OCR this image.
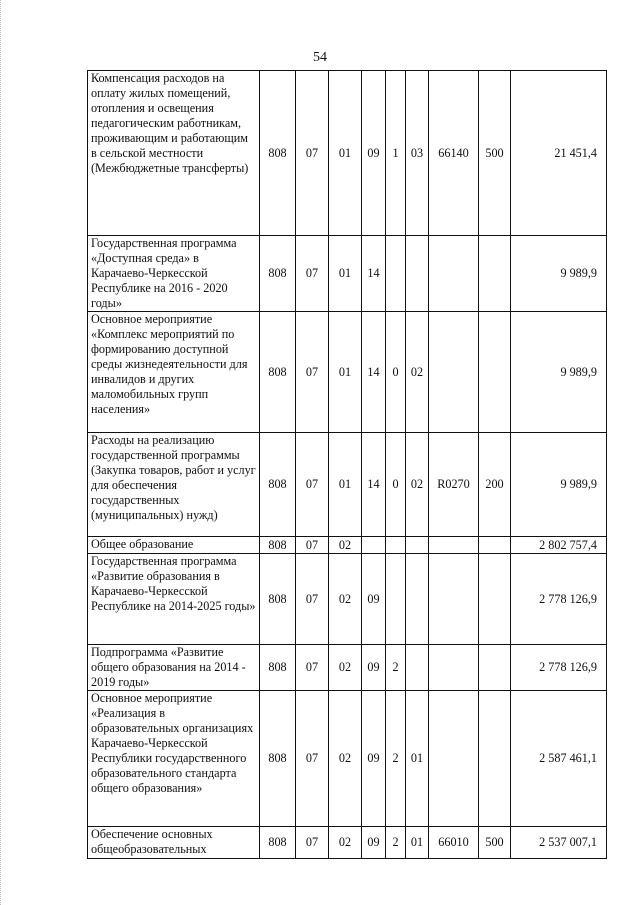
54
Компенсация расходов на оплату жилых помещений, отопления и освещения педагогическим работникам, проживающим и работающим в сельской местности (Межбюджетные трансферты)	808	07	01	09	1	03	66140	500	21 451,4
Государственная программа «Доступная среда» в Карачаево-Черкесской Республике на 2016 - 2020 годы»	808	07	01	14					9 989,9
Основное мероприятие «Комплекс мероприятий по формированию доступной среды жизнедеятельности для инвалидов и других маломобильных групп населения»	808	07	01	14	0	02			9 989,9
Расходы на реализацию государственной программы (Закупка товаров, работ и услуг для обеспечения государственных (муниципальных) нужд)	808	07	01	14	0	02	R0270	200	9 989,9
Общее образование	808	07	02						2 802 757,4
Государственная программа «Развитие образования в Карачаево-Черкесской Республике на 2014-2025 годы»	808	07	02	09					2 778 126,9
Подпрограмма «Развитие общего образования на 2014 - 2019 годы»	808	07	02	09	2				2 778 126,9
Основное мероприятие «Реализация в образовательных организациях Карачаево-Черкесской Республики государственного образовательного стандарта общего образования»	808	07	02	09	2	01			2 587 461,1
Обеспечение основных общеобразовательных	808	07	02	09	2	01	66010	500	2 537 007,1
